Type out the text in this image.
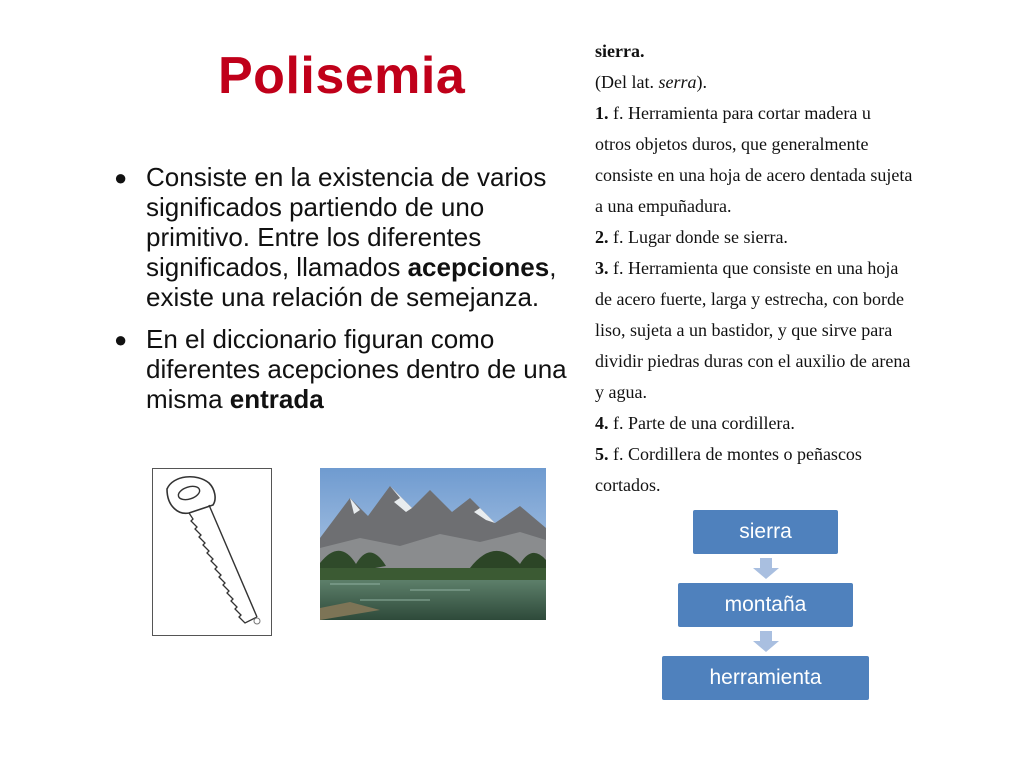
Polisemia
● Consiste en la existencia de varios significados partiendo de uno primitivo. Entre los diferentes significados, llamados acepciones, existe una relación de semejanza.
● En el diccionario figuran como diferentes acepciones dentro de una misma entrada
sierra.
(Del lat. serra).
1. f. Herramienta para cortar madera u
otros objetos duros, que generalmente
consiste en una hoja de acero dentada sujeta
a una empuñadura.
2. f. Lugar donde se sierra.
3. f. Herramienta que consiste en una hoja
de acero fuerte, larga y estrecha, con borde
liso, sujeta a un bastidor, y que sirve para
dividir piedras duras con el auxilio de arena
y agua.
4. f. Parte de una cordillera.
5. f. Cordillera de montes o peñascos
cortados.
sierra
montaña
herramienta
